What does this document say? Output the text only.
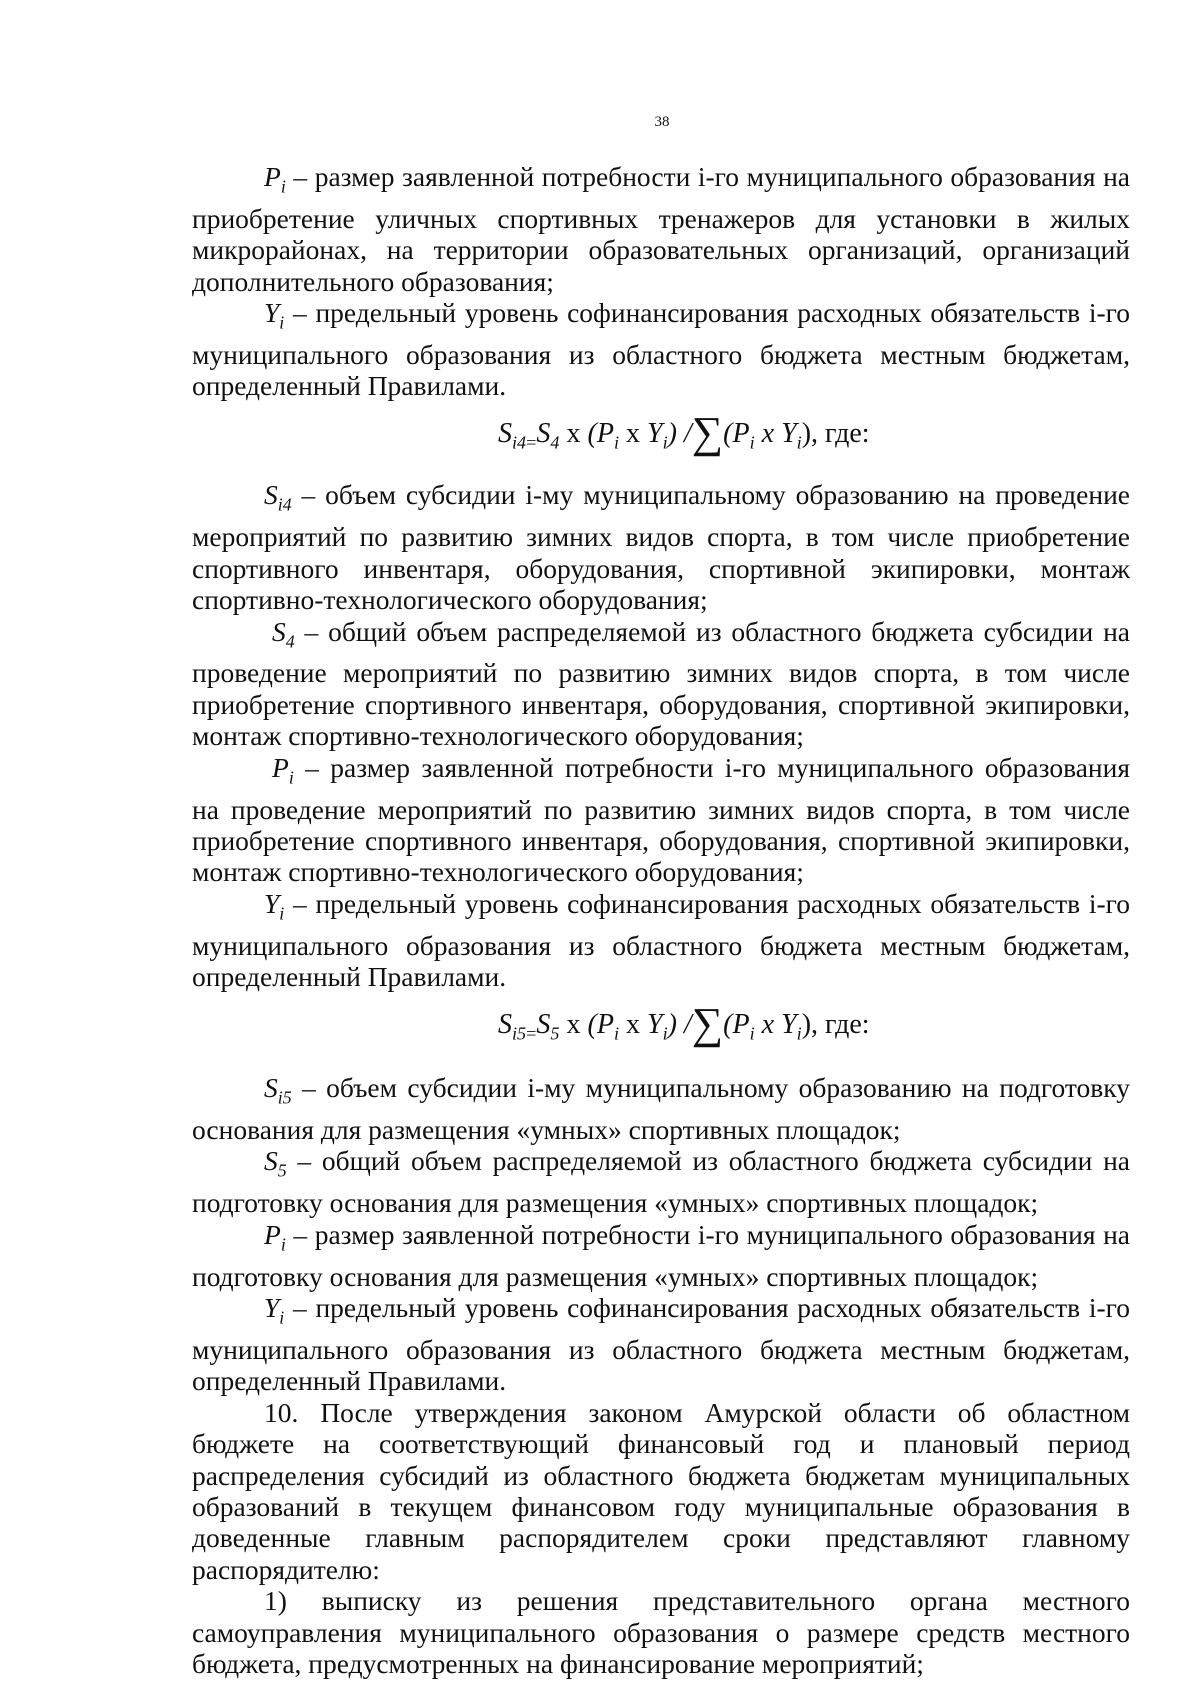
38

$P_i$ – размер заявленной потребности i-го муниципального образования на приобретение уличных спортивных тренажеров для установки в жилых микрорайонах, на территории образовательных организаций, организаций дополнительного образования;

$Y_i$ – предельный уровень софинансирования расходных обязательств i-го муниципального образования из областного бюджета местным бюджетам, определенный Правилами.

$S_{i4=}S_4$ x ($P_i$ x $Y_i$) $/\sum(P_i$ x $Y_i$), где:

$S_{i4}$ – объем субсидии i-му муниципальному образованию на проведение мероприятий по развитию зимних видов спорта, в том числе приобретение спортивного инвентаря, оборудования, спортивной экипировки, монтаж спортивно-технологического оборудования;

$S_4$ – общий объем распределяемой из областного бюджета субсидии на проведение мероприятий по развитию зимних видов спорта, в том числе приобретение спортивного инвентаря, оборудования, спортивной экипировки, монтаж спортивно-технологического оборудования;

$P_i$ – размер заявленной потребности i-го муниципального образования на проведение мероприятий по развитию зимних видов спорта, в том числе приобретение спортивного инвентаря, оборудования, спортивной экипировки, монтаж спортивно-технологического оборудования;

$Y_i$ – предельный уровень софинансирования расходных обязательств i-го муниципального образования из областного бюджета местным бюджетам, определенный Правилами.

$S_{i5=}S_5$ x ($P_i$ x $Y_i$) $/\sum(P_i$ x $Y_i$), где:

$S_{i5}$ – объем субсидии i-му муниципальному образованию на подготовку основания для размещения «умных» спортивных площадок;

$S_5$ – общий объем распределяемой из областного бюджета субсидии на подготовку основания для размещения «умных» спортивных площадок;

$P_i$ – размер заявленной потребности i-го муниципального образования на подготовку основания для размещения «умных» спортивных площадок;

$Y_i$ – предельный уровень софинансирования расходных обязательств i-го муниципального образования из областного бюджета местным бюджетам, определенный Правилами.

10. После утверждения законом Амурской области об областном бюджете на соответствующий финансовый год и плановый период распределения субсидий из областного бюджета бюджетам муниципальных образований в текущем финансовом году муниципальные образования в доведенные главным распорядителем сроки представляют главному распорядителю:

1) выписку из решения представительного органа местного самоуправления муниципального образования о размере средств местного бюджета, предусмотренных на финансирование мероприятий;
